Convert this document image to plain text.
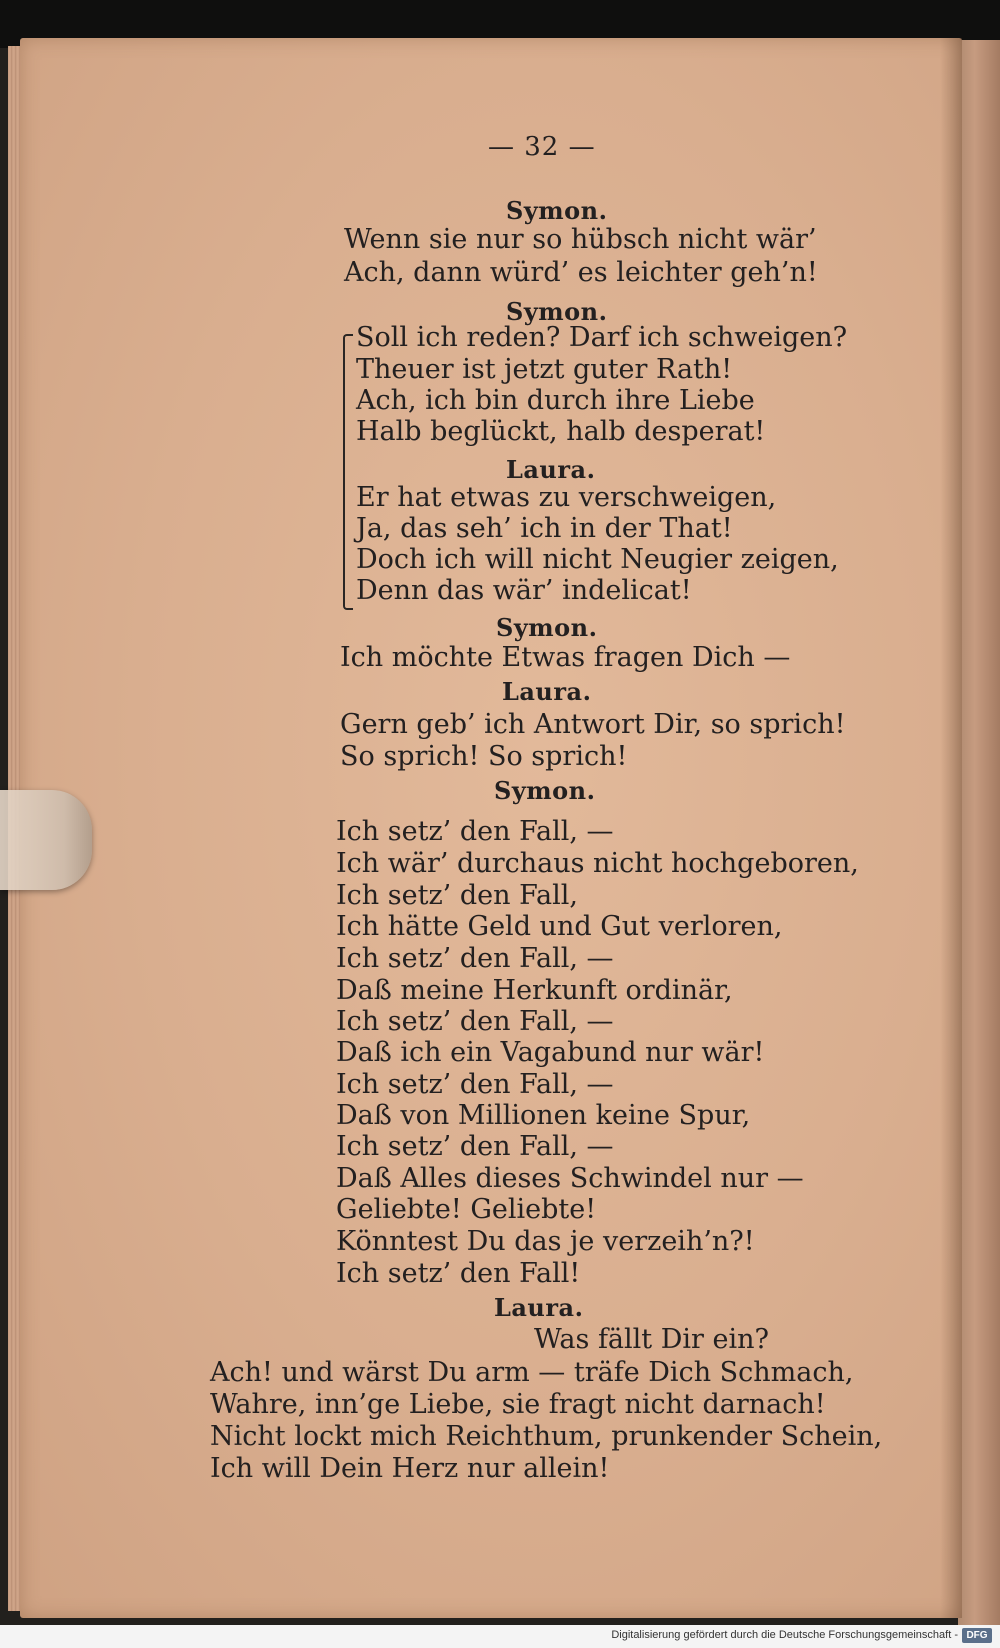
— 32 —
Symon.
Wenn sie nur so hübsch nicht wär’
Ach, dann würd’ es leichter geh’n!
Symon.
Soll ich reden? Darf ich schweigen?
Theuer ist jetzt guter Rath!
Ach, ich bin durch ihre Liebe
Halb beglückt, halb desperat!
Laura.
Er hat etwas zu verschweigen,
Ja, das seh’ ich in der That!
Doch ich will nicht Neugier zeigen,
Denn das wär’ indelicat!
Symon.
Ich möchte Etwas fragen Dich —
Laura.
Gern geb’ ich Antwort Dir, so sprich!
So sprich! So sprich!
Symon.
Ich setz’ den Fall, —
Ich wär’ durchaus nicht hochgeboren,
Ich setz’ den Fall,
Ich hätte Geld und Gut verloren,
Ich setz’ den Fall, —
Daß meine Herkunft ordinär,
Ich setz’ den Fall, —
Daß ich ein Vagabund nur wär!
Ich setz’ den Fall, —
Daß von Millionen keine Spur,
Ich setz’ den Fall, —
Daß Alles dieses Schwindel nur —
Geliebte! Geliebte!
Könntest Du das je verzeih’n?!
Ich setz’ den Fall!
Laura.
Was fällt Dir ein?
Ach! und wärst Du arm — träfe Dich Schmach,
Wahre, inn’ge Liebe, sie fragt nicht darnach!
Nicht lockt mich Reichthum, prunkender Schein,
Ich will Dein Herz nur allein!
Digitalisierung gefördert durch die Deutsche Forschungsgemeinschaft - DFG
